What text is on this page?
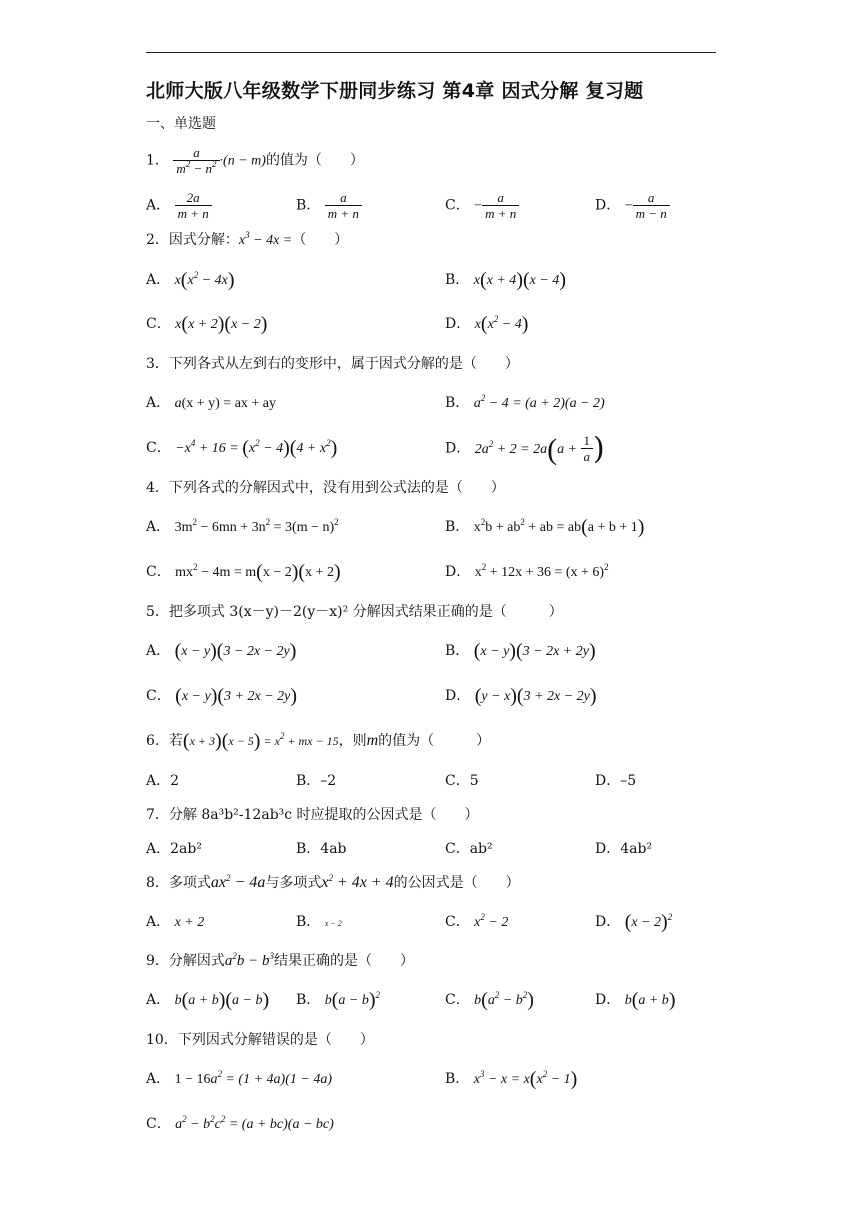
北师大版八年级数学下册同步练习 第4章 因式分解 复习题
一、单选题
1． $\frac{a}{m^2 - n^2} \cdot(n - m)$的值为（　　）
A． $\frac{2a}{m + n}$	B． $\frac{a}{m + n}$	C． − $\frac{a}{m + n}$	D． − $\frac{a}{m - n}$
2．因式分解：$x^3 - 4x$ =（　　）
A． $x(x^2 - 4x)$	B． x(x + 4)(x − 4)
C． x(x + 2)(x − 2)	D． $x(x^2 - 4)$
3．下列各式从左到右的变形中，属于因式分解的是（　　）
A． a(x + y) = ax + ay	B． $a^2 - 4 = (a + 2)(a - 2)$
C． $-x^4 + 16 = (x^2 - 4)(4 + x^2)$	D． $2a^2 + 2 = 2a(a + \frac{1}{a}$ )
4．下列各式的分解因式中，没有用到公式法的是（　　）
A． $3m^2 - 6mn + 3n^2 = 3(m - n)^2$	B． $x^2b + ab^2$ + ab = ab(a + b + 1)
C． $mx^2 - 4m = m(x - 2)(x + 2)$	D． $x^2 + 12x + 36 = (x + 6)^2$
5．把多项式 3(x－y)－2(y－x)² 分解因式结果正确的是（　　　）
A． (x − y)(3 − 2x − 2y)	B． (x − y)(3 − 2x + 2y)
C． (x − y)(3 + 2x − 2y)	D． (y − x)(3 + 2x − 2y)
6．若$(x + 3)(x - 5) = x^2$ + mx − 15，则m的值为（　　　）
A．2	B．–2	C．5	D．–5
7．分解 8a³b²-12ab³c 时应提取的公因式是（　　）
A．2ab²	B．4ab	C．ab²	D．4ab²
8．多项式$ax^2 - 4a$与多项式$x^2 + 4x + 4$的公因式是（　　）
A． x + 2	B． x − 2	C． $x^2 - 2$	D． $(x - 2)^2$
9．分解因式$a^2b - b^3$结果正确的是（　　）
A． b(a + b)(a − b) B． $b(a - b)^2$	C． $b(a^2 - b^2)$	D． b(a + b)
10．下列因式分解错误的是（　　）
A． $1 - 16a^2 = (1 + 4a)(1 - 4a)$	B． $x^3 - x = x(x^2 - 1)$
C． $a^2 - b^2c^2 = (a + bc)(a - bc)$
